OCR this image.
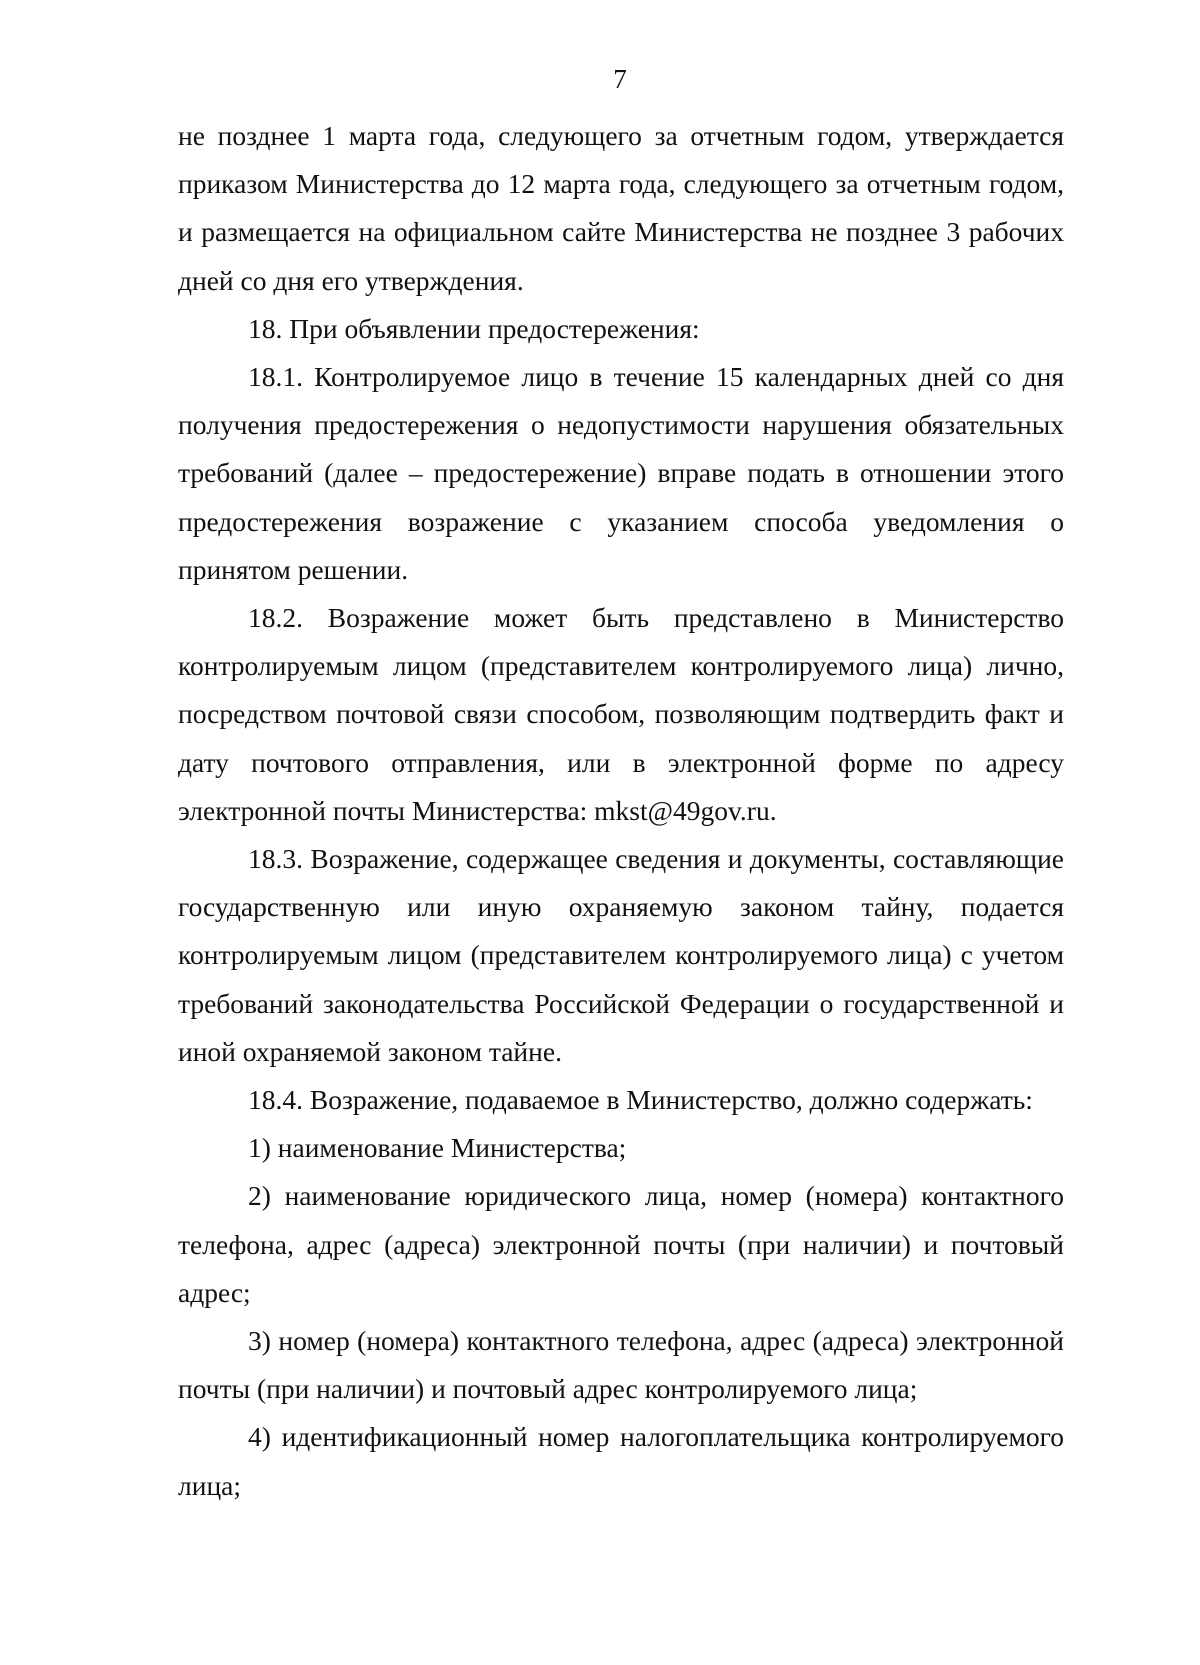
7

не позднее 1 марта года, следующего за отчетным годом, утверждается приказом Министерства до 12 марта года, следующего за отчетным годом, и размещается на официальном сайте Министерства не позднее 3 рабочих дней со дня его утверждения.

18. При объявлении предостережения:

18.1. Контролируемое лицо в течение 15 календарных дней со дня получения предостережения о недопустимости нарушения обязательных требований (далее – предостережение) вправе подать в отношении этого предостережения возражение с указанием способа уведомления о принятом решении.

18.2. Возражение может быть представлено в Министерство контролируемым лицом (представителем контролируемого лица) лично, посредством почтовой связи способом, позволяющим подтвердить факт и дату почтового отправления, или в электронной форме по адресу электронной почты Министерства: mkst@49gov.ru.

18.3. Возражение, содержащее сведения и документы, составляющие государственную или иную охраняемую законом тайну, подается контролируемым лицом (представителем контролируемого лица) с учетом требований законодательства Российской Федерации о государственной и иной охраняемой законом тайне.

18.4. Возражение, подаваемое в Министерство, должно содержать:

1) наименование Министерства;

2) наименование юридического лица, номер (номера) контактного телефона, адрес (адреса) электронной почты (при наличии) и почтовый адрес;

3) номер (номера) контактного телефона, адрес (адреса) электронной почты (при наличии) и почтовый адрес контролируемого лица;

4) идентификационный номер налогоплательщика контролируемого лица;
